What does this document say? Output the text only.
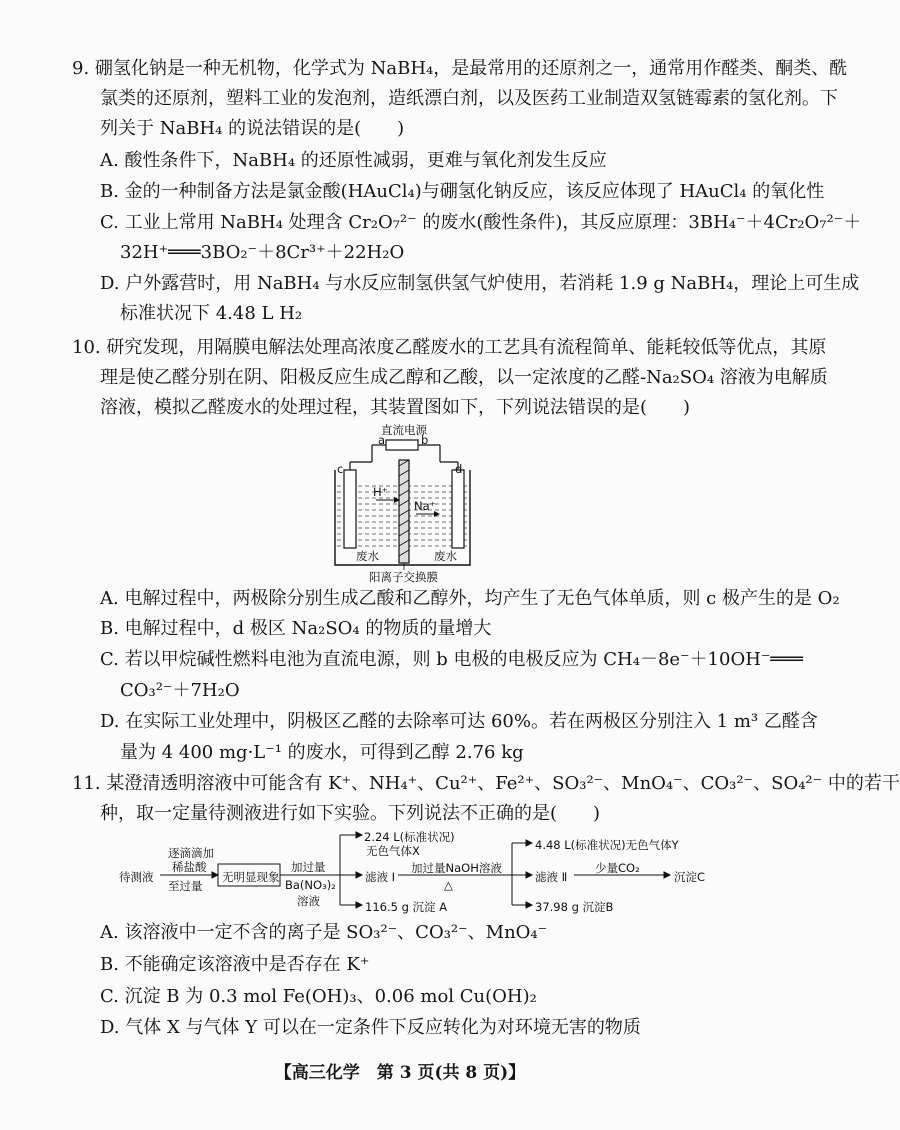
9. 硼氢化钠是一种无机物，化学式为 NaBH₄，是最常用的还原剂之一，通常用作醛类、酮类、酰
氯类的还原剂，塑料工业的发泡剂，造纸漂白剂，以及医药工业制造双氢链霉素的氢化剂。下
列关于 NaBH₄ 的说法错误的是(　　)
A. 酸性条件下，NaBH₄ 的还原性减弱，更难与氧化剂发生反应
B. 金的一种制备方法是氯金酸(HAuCl₄)与硼氢化钠反应，该反应体现了 HAuCl₄ 的氧化性
C. 工业上常用 NaBH₄ 处理含 Cr₂O₇²⁻ 的废水(酸性条件)，其反应原理：3BH₄⁻＋4Cr₂O₇²⁻＋
32H⁺═══3BO₂⁻＋8Cr³⁺＋22H₂O
D. 户外露营时，用 NaBH₄ 与水反应制氢供氢气炉使用，若消耗 1.9 g NaBH₄，理论上可生成
标准状况下 4.48 L H₂
10. 研究发现，用隔膜电解法处理高浓度乙醛废水的工艺具有流程简单、能耗较低等优点，其原
理是使乙醛分别在阴、阳极反应生成乙醇和乙酸，以一定浓度的乙醛-Na₂SO₄ 溶液为电解质
溶液，模拟乙醛废水的处理过程，其装置图如下，下列说法错误的是(　　)
直流电源
a	b
c	d
H⁺
Na⁺
废水	废水
阳离子交换膜
A. 电解过程中，两极除分别生成乙酸和乙醇外，均产生了无色气体单质，则 c 极产生的是 O₂
B. 电解过程中，d 极区 Na₂SO₄ 的物质的量增大
C. 若以甲烷碱性燃料电池为直流电源，则 b 电极的电极反应为 CH₄－8e⁻＋10OH⁻═══
CO₃²⁻＋7H₂O
D. 在实际工业处理中，阴极区乙醛的去除率可达 60%。若在两极区分别注入 1 m³ 乙醛含
量为 4 400 mg·L⁻¹ 的废水，可得到乙醇 2.76 kg
11. 某澄清透明溶液中可能含有 K⁺、NH₄⁺、Cu²⁺、Fe²⁺、SO₃²⁻、MnO₄⁻、CO₃²⁻、SO₄²⁻ 中的若干
种，取一定量待测液进行如下实验。下列说法不正确的是(　　)
待测液
逐滴滴加
稀盐酸
至过量
无明显现象
加过量
Ba(NO₃)₂
溶液
2.24 L(标准状况)
无色气体X
滤液 Ⅰ
116.5 g 沉淀 A
加过量NaOH溶液
△
4.48 L(标准状况)无色气体Y
滤液 Ⅱ
少量CO₂
沉淀C
37.98 g 沉淀B
A. 该溶液中一定不含的离子是 SO₃²⁻、CO₃²⁻、MnO₄⁻
B. 不能确定该溶液中是否存在 K⁺
C. 沉淀 B 为 0.3 mol Fe(OH)₃、0.06 mol Cu(OH)₂
D. 气体 X 与气体 Y 可以在一定条件下反应转化为对环境无害的物质
【高三化学　第 3 页(共 8 页)】
